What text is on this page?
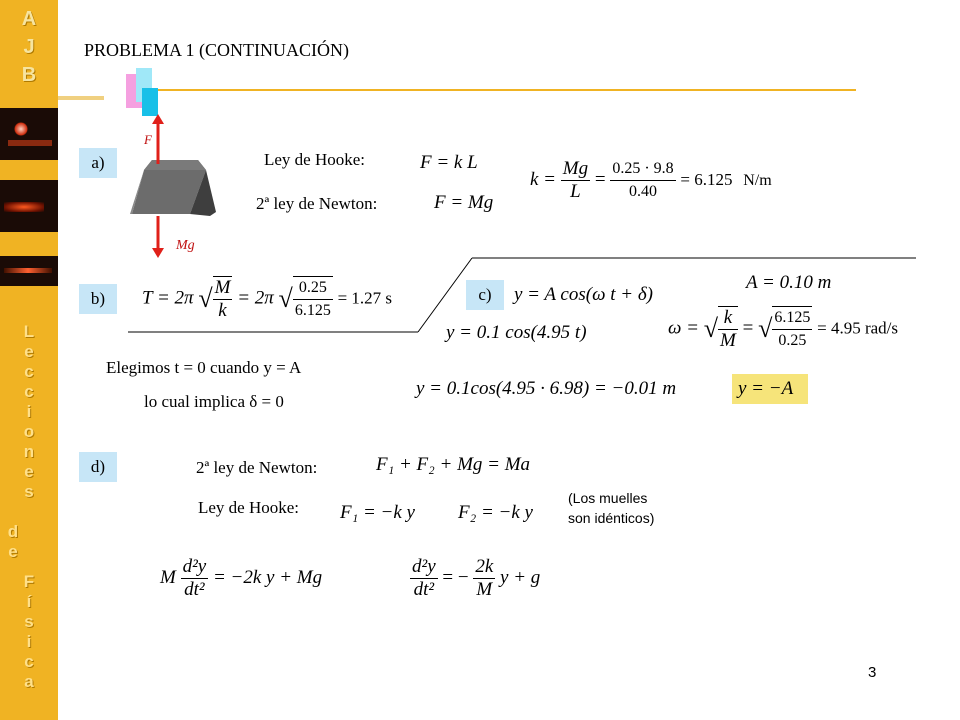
A
J
B
L
e
c
c
i
o
n
e
s
d
e
F
í
s
i
c
a
PROBLEMA 1 (CONTINUACIÓN)
a)
F
Mg
Ley de Hooke:
2ª ley de Newton:
F = k L
F = Mg
$k = \frac{Mg}{L} = \frac{0.25 \cdot 9.8}{0.40} = 6.125$ N/m
b)	T = 2π √ $\frac{M}{k} = 2\pi$ √ $\frac{0.25}{6.125} = 1.27$ s
Elegimos t = 0 cuando y = A
lo cual implica δ = 0
c)	y = A cos(ω t + δ)
A = 0.10 m
y = 0.1 cos(4.95 t)	ω = √ $\frac{k}{M}$ = √ $\frac{6.125}{0.25} = 4.95$ rad/s
y = 0.1cos(4.95 · 6.98) = −0.01 m	y = −A
d)	2ª ley de Newton:
Ley de Hooke:
F₁ + F₂ + Mg = Ma
F₁ = −k y F₂ = −k y
(Los muelles
son idénticos)
M $\frac{\text{d²y}}{\text{dt²}} = -2k$ y + Mg	$\frac{\text{d²y}}{\text{dt²}}$ = − $\frac{2k}{M}$ y + g
3
